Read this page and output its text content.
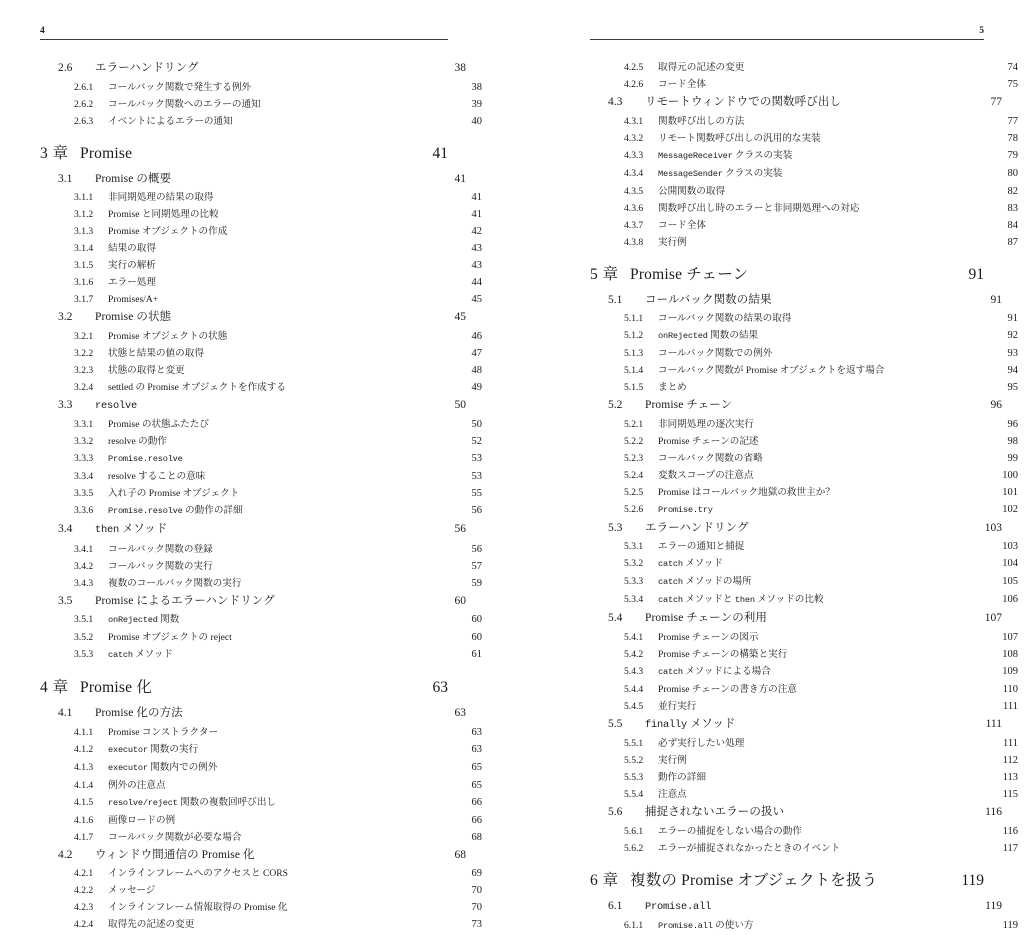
4
2.6	エラーハンドリング ·····	38
2.6.1	コールバック関数で発生する例外 ·····	38
2.6.2	コールバック関数へのエラーの通知 ·····	39
2.6.3	イベントによるエラーの通知 ·····	40
3 章 Promise ·····	41
3.1	Promise の概要 ·····	41
3.1.1	非同期処理の結果の取得 ·····	41
3.1.2	Promise と同期処理の比較 ·····	41
3.1.3	Promise オブジェクトの作成 ·····	42
3.1.4	結果の取得 ·····	43
3.1.5	実行の解析 ·····	43
3.1.6	エラー処理 ·····	44
3.1.7	Promises/A+ ·····	45
3.2	Promise の状態 ·····	45
3.2.1	Promise オブジェクトの状態 ·····	46
3.2.2	状態と結果の値の取得 ·····	47
3.2.3	状態の取得と変更 ·····	48
3.2.4	settled の Promise オブジェクトを作成する ·····	49
3.3	resolve ·····	50
3.3.1	Promise の状態ふたたび ·····	50
3.3.2	resolve の動作 ·····	52
3.3.3	Promise.resolve ·····	53
3.3.4	resolve することの意味 ·····	53
3.3.5	入れ子の Promise オブジェクト ·····	55
3.3.6	Promise.resolve の動作の詳細 ·····	56
3.4	then メソッド ·····	56
3.4.1	コールバック関数の登録 ·····	56
3.4.2	コールバック関数の実行 ·····	57
3.4.3	複数のコールバック関数の実行 ·····	59
3.5	Promise によるエラーハンドリング ·····	60
3.5.1	onRejected 関数 ·····	60
3.5.2	Promise オブジェクトの reject ·····	60
3.5.3	catch メソッド ·····	61
4 章 Promise 化 ·····	63
4.1	Promise 化の方法 ·····	63
4.1.1	Promise コンストラクター ·····	63
4.1.2	executor 関数の実行 ·····	63
4.1.3	executor 関数内での例外 ·····	65
4.1.4	例外の注意点 ·····	65
4.1.5	resolve/reject 関数の複数回呼び出し ·····	66
4.1.6	画像ロードの例 ·····	66
4.1.7	コールバック関数が必要な場合 ·····	68
4.2	ウィンドウ間通信の Promise 化 ·····	68
4.2.1	インラインフレームへのアクセスと CORS ·····	69
4.2.2	メッセージ ·····	70
4.2.3	インラインフレーム情報取得の Promise 化 ·····	70
4.2.4	取得先の記述の変更 ·····	73
5
4.2.5	取得元の記述の変更 ·····	74
4.2.6	コード全体 ·····	75
4.3	リモートウィンドウでの関数呼び出し ·····	77
4.3.1	関数呼び出しの方法 ·····	77
4.3.2	リモート関数呼び出しの汎用的な実装 ·····	78
4.3.3	MessageReceiver クラスの実装 ·····	79
4.3.4	MessageSender クラスの実装 ·····	80
4.3.5	公開関数の取得 ·····	82
4.3.6	関数呼び出し時のエラーと非同期処理への対応 ·····	83
4.3.7	コード全体 ·····	84
4.3.8	実行例 ·····	87
5 章 Promise チェーン ·····	91
5.1	コールバック関数の結果 ·····	91
5.1.1	コールバック関数の結果の取得 ·····	91
5.1.2	onRejected 関数の結果 ·····	92
5.1.3	コールバック関数での例外 ·····	93
5.1.4	コールバック関数が Promise オブジェクトを返す場合 ·····	94
5.1.5	まとめ ·····	95
5.2	Promise チェーン ·····	96
5.2.1	非同期処理の逐次実行 ·····	96
5.2.2	Promise チェーンの記述 ·····	98
5.2.3	コールバック関数の省略 ·····	99
5.2.4	変数スコープの注意点 ·····	100
5.2.5	Promise はコールバック地獄の救世主か？ ·····	101
5.2.6	Promise.try ·····	102
5.3	エラーハンドリング ·····	103
5.3.1	エラーの通知と捕捉 ·····	103
5.3.2	catch メソッド ·····	104
5.3.3	catch メソッドの場所 ·····	105
5.3.4	catch メソッドと then メソッドの比較 ·····	106
5.4	Promise チェーンの利用 ·····	107
5.4.1	Promise チェーンの図示 ·····	107
5.4.2	Promise チェーンの構築と実行 ·····	108
5.4.3	catch メソッドによる場合 ·····	109
5.4.4	Promise チェーンの書き方の注意 ·····	110
5.4.5	並行実行 ·····	111
5.5	finally メソッド ·····	111
5.5.1	必ず実行したい処理 ·····	111
5.5.2	実行例 ·····	112
5.5.3	動作の詳細 ·····	113
5.5.4	注意点 ·····	115
5.6	捕捉されないエラーの扱い ·····	116
5.6.1	エラーの捕捉をしない場合の動作 ·····	116
5.6.2	エラーが捕捉されなかったときのイベント ·····	117
6 章 複数の Promise オブジェクトを扱う ·····	119
6.1	Promise.all ·····	119
6.1.1	Promise.all の使い方 ·····	119
